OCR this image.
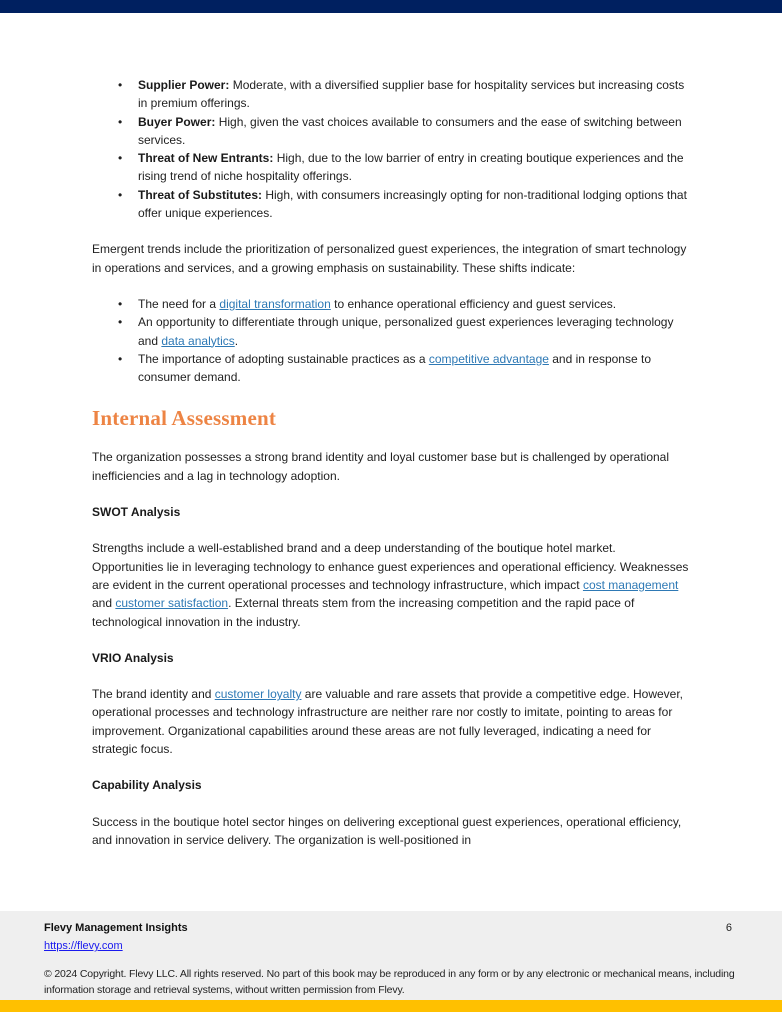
• Supplier Power: Moderate, with a diversified supplier base for hospitality services but increasing costs in premium offerings.
• Buyer Power: High, given the vast choices available to consumers and the ease of switching between services.
• Threat of New Entrants: High, due to the low barrier of entry in creating boutique experiences and the rising trend of niche hospitality offerings.
• Threat of Substitutes: High, with consumers increasingly opting for non-traditional lodging options that offer unique experiences.

Emergent trends include the prioritization of personalized guest experiences, the integration of smart technology in operations and services, and a growing emphasis on sustainability. These shifts indicate:

• The need for a digital transformation to enhance operational efficiency and guest services.
• An opportunity to differentiate through unique, personalized guest experiences leveraging technology and data analytics.
• The importance of adopting sustainable practices as a competitive advantage and in response to consumer demand.
Internal Assessment

The organization possesses a strong brand identity and loyal customer base but is challenged by operational inefficiencies and a lag in technology adoption.

SWOT Analysis

Strengths include a well-established brand and a deep understanding of the boutique hotel market. Opportunities lie in leveraging technology to enhance guest experiences and operational efficiency. Weaknesses are evident in the current operational processes and technology infrastructure, which impact cost management and customer satisfaction. External threats stem from the increasing competition and the rapid pace of technological innovation in the industry.

VRIO Analysis

The brand identity and customer loyalty are valuable and rare assets that provide a competitive edge. However, operational processes and technology infrastructure are neither rare nor costly to imitate, pointing to areas for improvement. Organizational capabilities around these areas are not fully leveraged, indicating a need for strategic focus.

Capability Analysis

Success in the boutique hotel sector hinges on delivering exceptional guest experiences, operational efficiency, and innovation in service delivery. The organization is well-positioned in

Flevy Management Insights
https://flevy.com
6

© 2024 Copyright. Flevy LLC. All rights reserved. No part of this book may be reproduced in any form or by any electronic or mechanical means, including information storage and retrieval systems, without written permission from Flevy.
